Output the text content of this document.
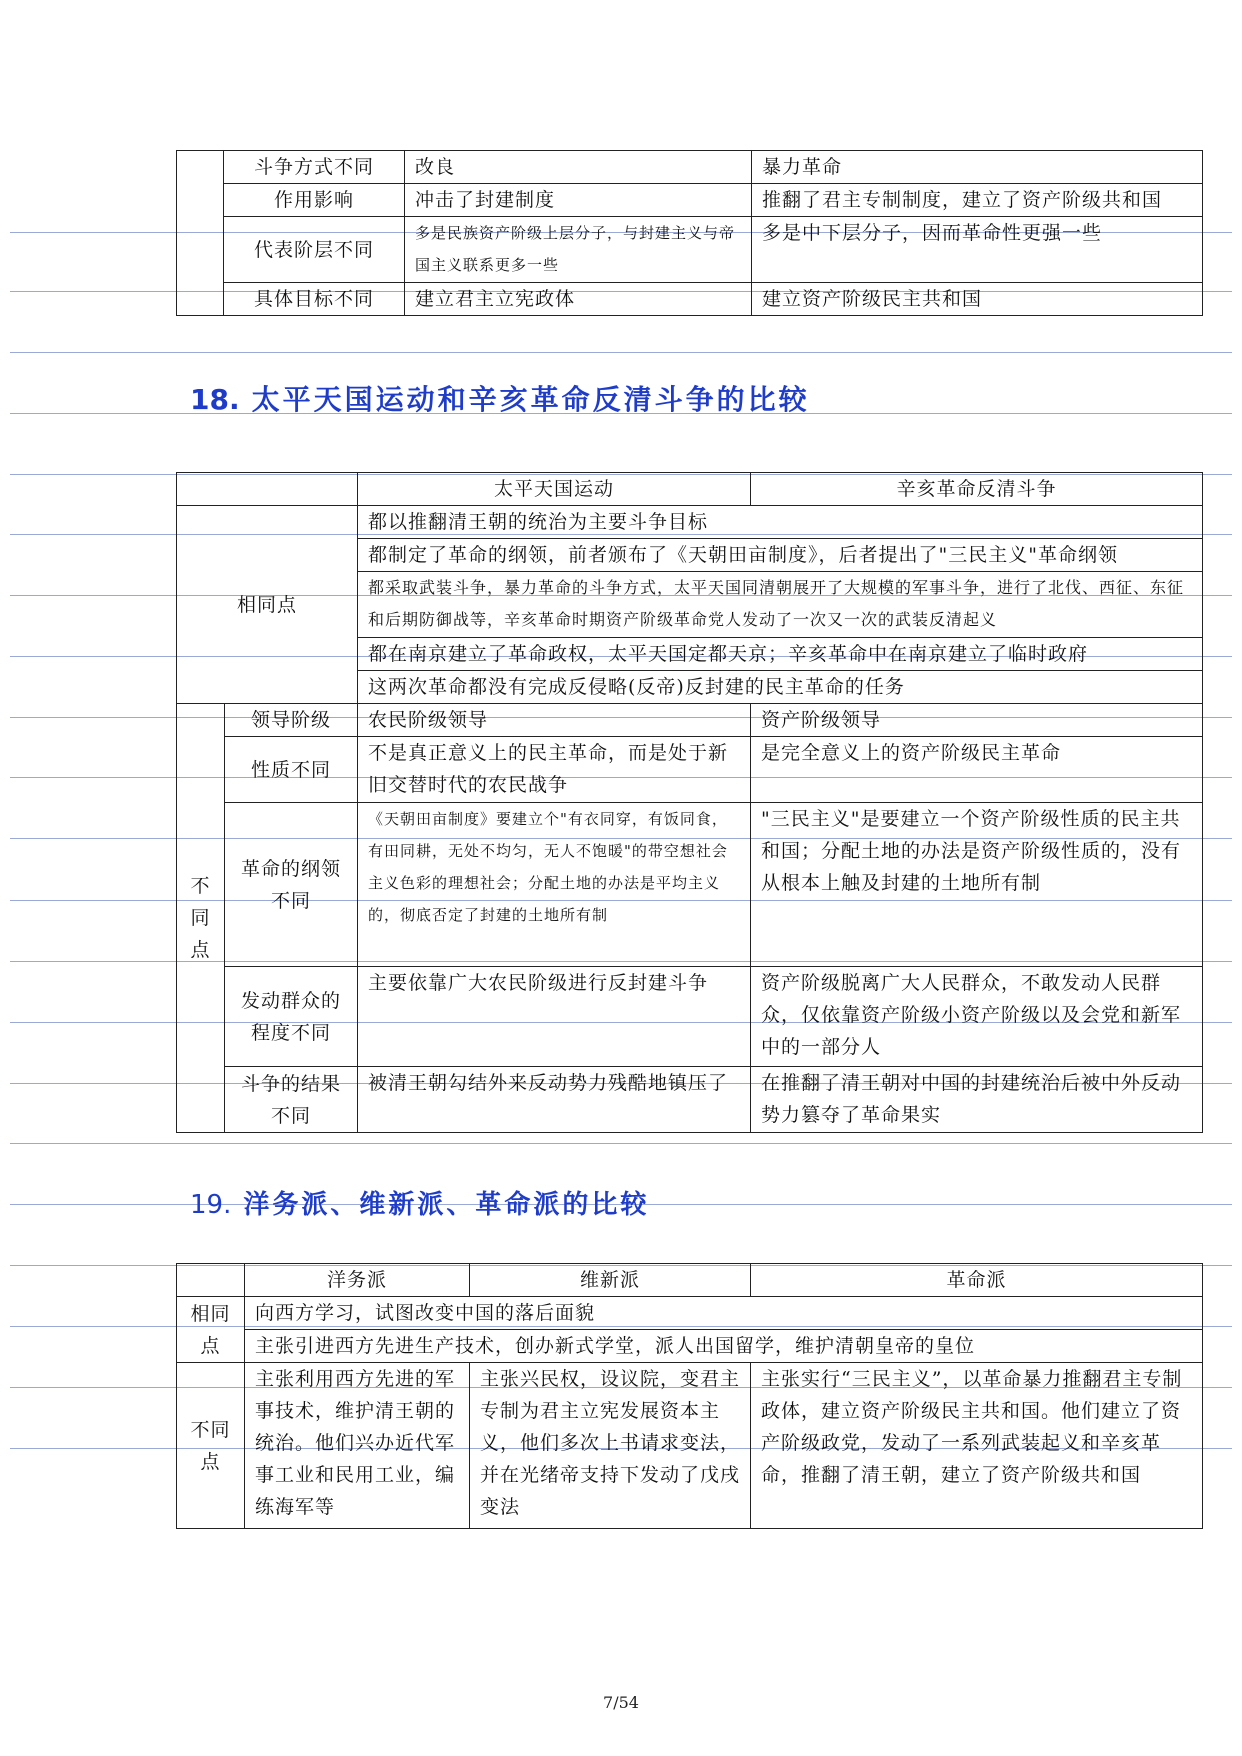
	斗争方式不同	改良	暴力革命
	作用影响	冲击了封建制度	推翻了君主专制制度，建立了资产阶级共和国
	代表阶层不同	多是民族资产阶级上层分子，与封建主义与帝国主义联系更多一些	多是中下层分子，因而革命性更强一些
	具体目标不同	建立君主立宪政体	建立资产阶级民主共和国
18. 太平天国运动和辛亥革命反清斗争的比较
		太平天国运动	辛亥革命反清斗争
相同点		都以推翻清王朝的统治为主要斗争目标	
		都制定了革命的纲领，前者颁布了《天朝田亩制度》，后者提出了"三民主义"革命纲领	
		都采取武装斗争，暴力革命的斗争方式，太平天国同清朝展开了大规模的军事斗争，进行了北伐、西征、东征和后期防御战等，辛亥革命时期资产阶级革命党人发动了一次又一次的武装反清起义	
		都在南京建立了革命政权，太平天国定都天京；辛亥革命中在南京建立了临时政府	
		这两次革命都没有完成反侵略(反帝)反封建的民主革命的任务	
不同点	领导阶级	农民阶级领导	资产阶级领导
	性质不同	不是真正意义上的民主革命，而是处于新旧交替时代的农民战争	是完全意义上的资产阶级民主革命
	革命的纲领不同	《天朝田亩制度》要建立个"有衣同穿，有饭同食，有田同耕，无处不均匀，无人不饱暖"的带空想社会主义色彩的理想社会；分配土地的办法是平均主义的，彻底否定了封建的土地所有制	"三民主义"是要建立一个资产阶级性质的民主共和国；分配土地的办法是资产阶级性质的，没有从根本上触及封建的土地所有制
	发动群众的程度不同	主要依靠广大农民阶级进行反封建斗争	资产阶级脱离广大人民群众，不敢发动人民群众，仅依靠资产阶级小资产阶级以及会党和新军中的一部分人
	斗争的结果不同	被清王朝勾结外来反动势力残酷地镇压了	在推翻了清王朝对中国的封建统治后被中外反动势力篡夺了革命果实
19. 洋务派、维新派、革命派的比较
	洋务派	维新派	革命派
相同点	向西方学习，试图改变中国的落后面貌		
	主张引进西方先进生产技术，创办新式学堂，派人出国留学，维护清朝皇帝的皇位		
不同点	主张利用西方先进的军事技术，维护清王朝的统治。他们兴办近代军事工业和民用工业，编练海军等	主张兴民权，设议院，变君主专制为君主立宪发展资本主义，他们多次上书请求变法，并在光绪帝支持下发动了戊戌变法	主张实行“三民主义”，以革命暴力推翻君主专制政体，建立资产阶级民主共和国。他们建立了资产阶级政党，发动了一系列武装起义和辛亥革命，推翻了清王朝，建立了资产阶级共和国
7/54
